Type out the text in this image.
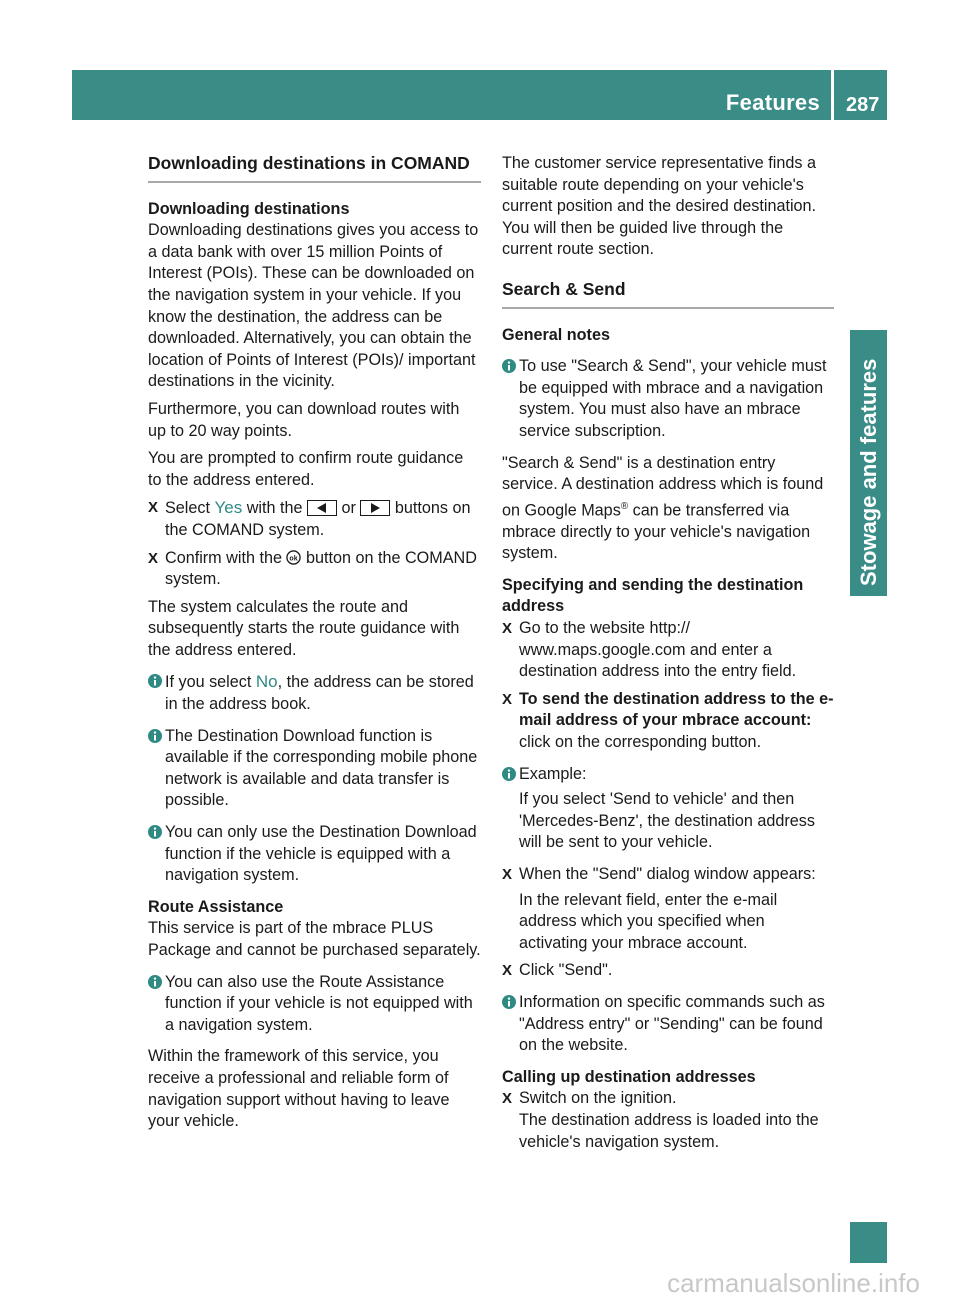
Features 287
Stowage and features
Downloading destinations in COMAND

Downloading destinations

Downloading destinations gives you access to a data bank with over 15 million Points of Interest (POIs). These can be downloaded on the navigation system in your vehicle. If you know the destination, the address can be downloaded. Alternatively, you can obtain the location of Points of Interest (POIs)/ important destinations in the vicinity.

Furthermore, you can download routes with up to 20 way points.

You are prompted to confirm route guidance to the address entered.

X Select Yes with the
or
buttons on the COMAND system.
X Confirm with the ok button on the COMAND system.

The system calculates the route and subsequently starts the route guidance with the address entered.

If you select No, the address can be stored in the address book.
The Destination Download function is available if the corresponding mobile phone network is available and data transfer is possible.
You can only use the Destination Download function if the vehicle is equipped with a navigation system.

Route Assistance

This service is part of the mbrace PLUS Package and cannot be purchased separately.

You can also use the Route Assistance function if your vehicle is not equipped with a navigation system.

Within the framework of this service, you receive a professional and reliable form of navigation support without having to leave your vehicle.

The customer service representative finds a suitable route depending on your vehicle's current position and the desired destination. You will then be guided live through the current route section.

Search & Send

General notes

To use "Search & Send", your vehicle must be equipped with mbrace and a navigation system. You must also have an mbrace service subscription.

"Search & Send" is a destination entry service. A destination address which is found on Google Maps® can be transferred via mbrace directly to your vehicle's navigation system.

Specifying and sending the destination address

X Go to the website http:// www.maps.google.com and enter a destination address into the entry field.
X To send the destination address to the e-mail address of your mbrace account: click on the corresponding button.
Example:
If you select 'Send to vehicle' and then 'Mercedes-Benz', the destination address will be sent to your vehicle.
X When the "Send" dialog window appears:
In the relevant field, enter the e-mail address which you specified when activating your mbrace account.
X Click "Send".
Information on specific commands such as "Address entry" or "Sending" can be found on the website.

Calling up destination addresses

X Switch on the ignition.
The destination address is loaded into the vehicle's navigation system.
carmanualsonline.info
